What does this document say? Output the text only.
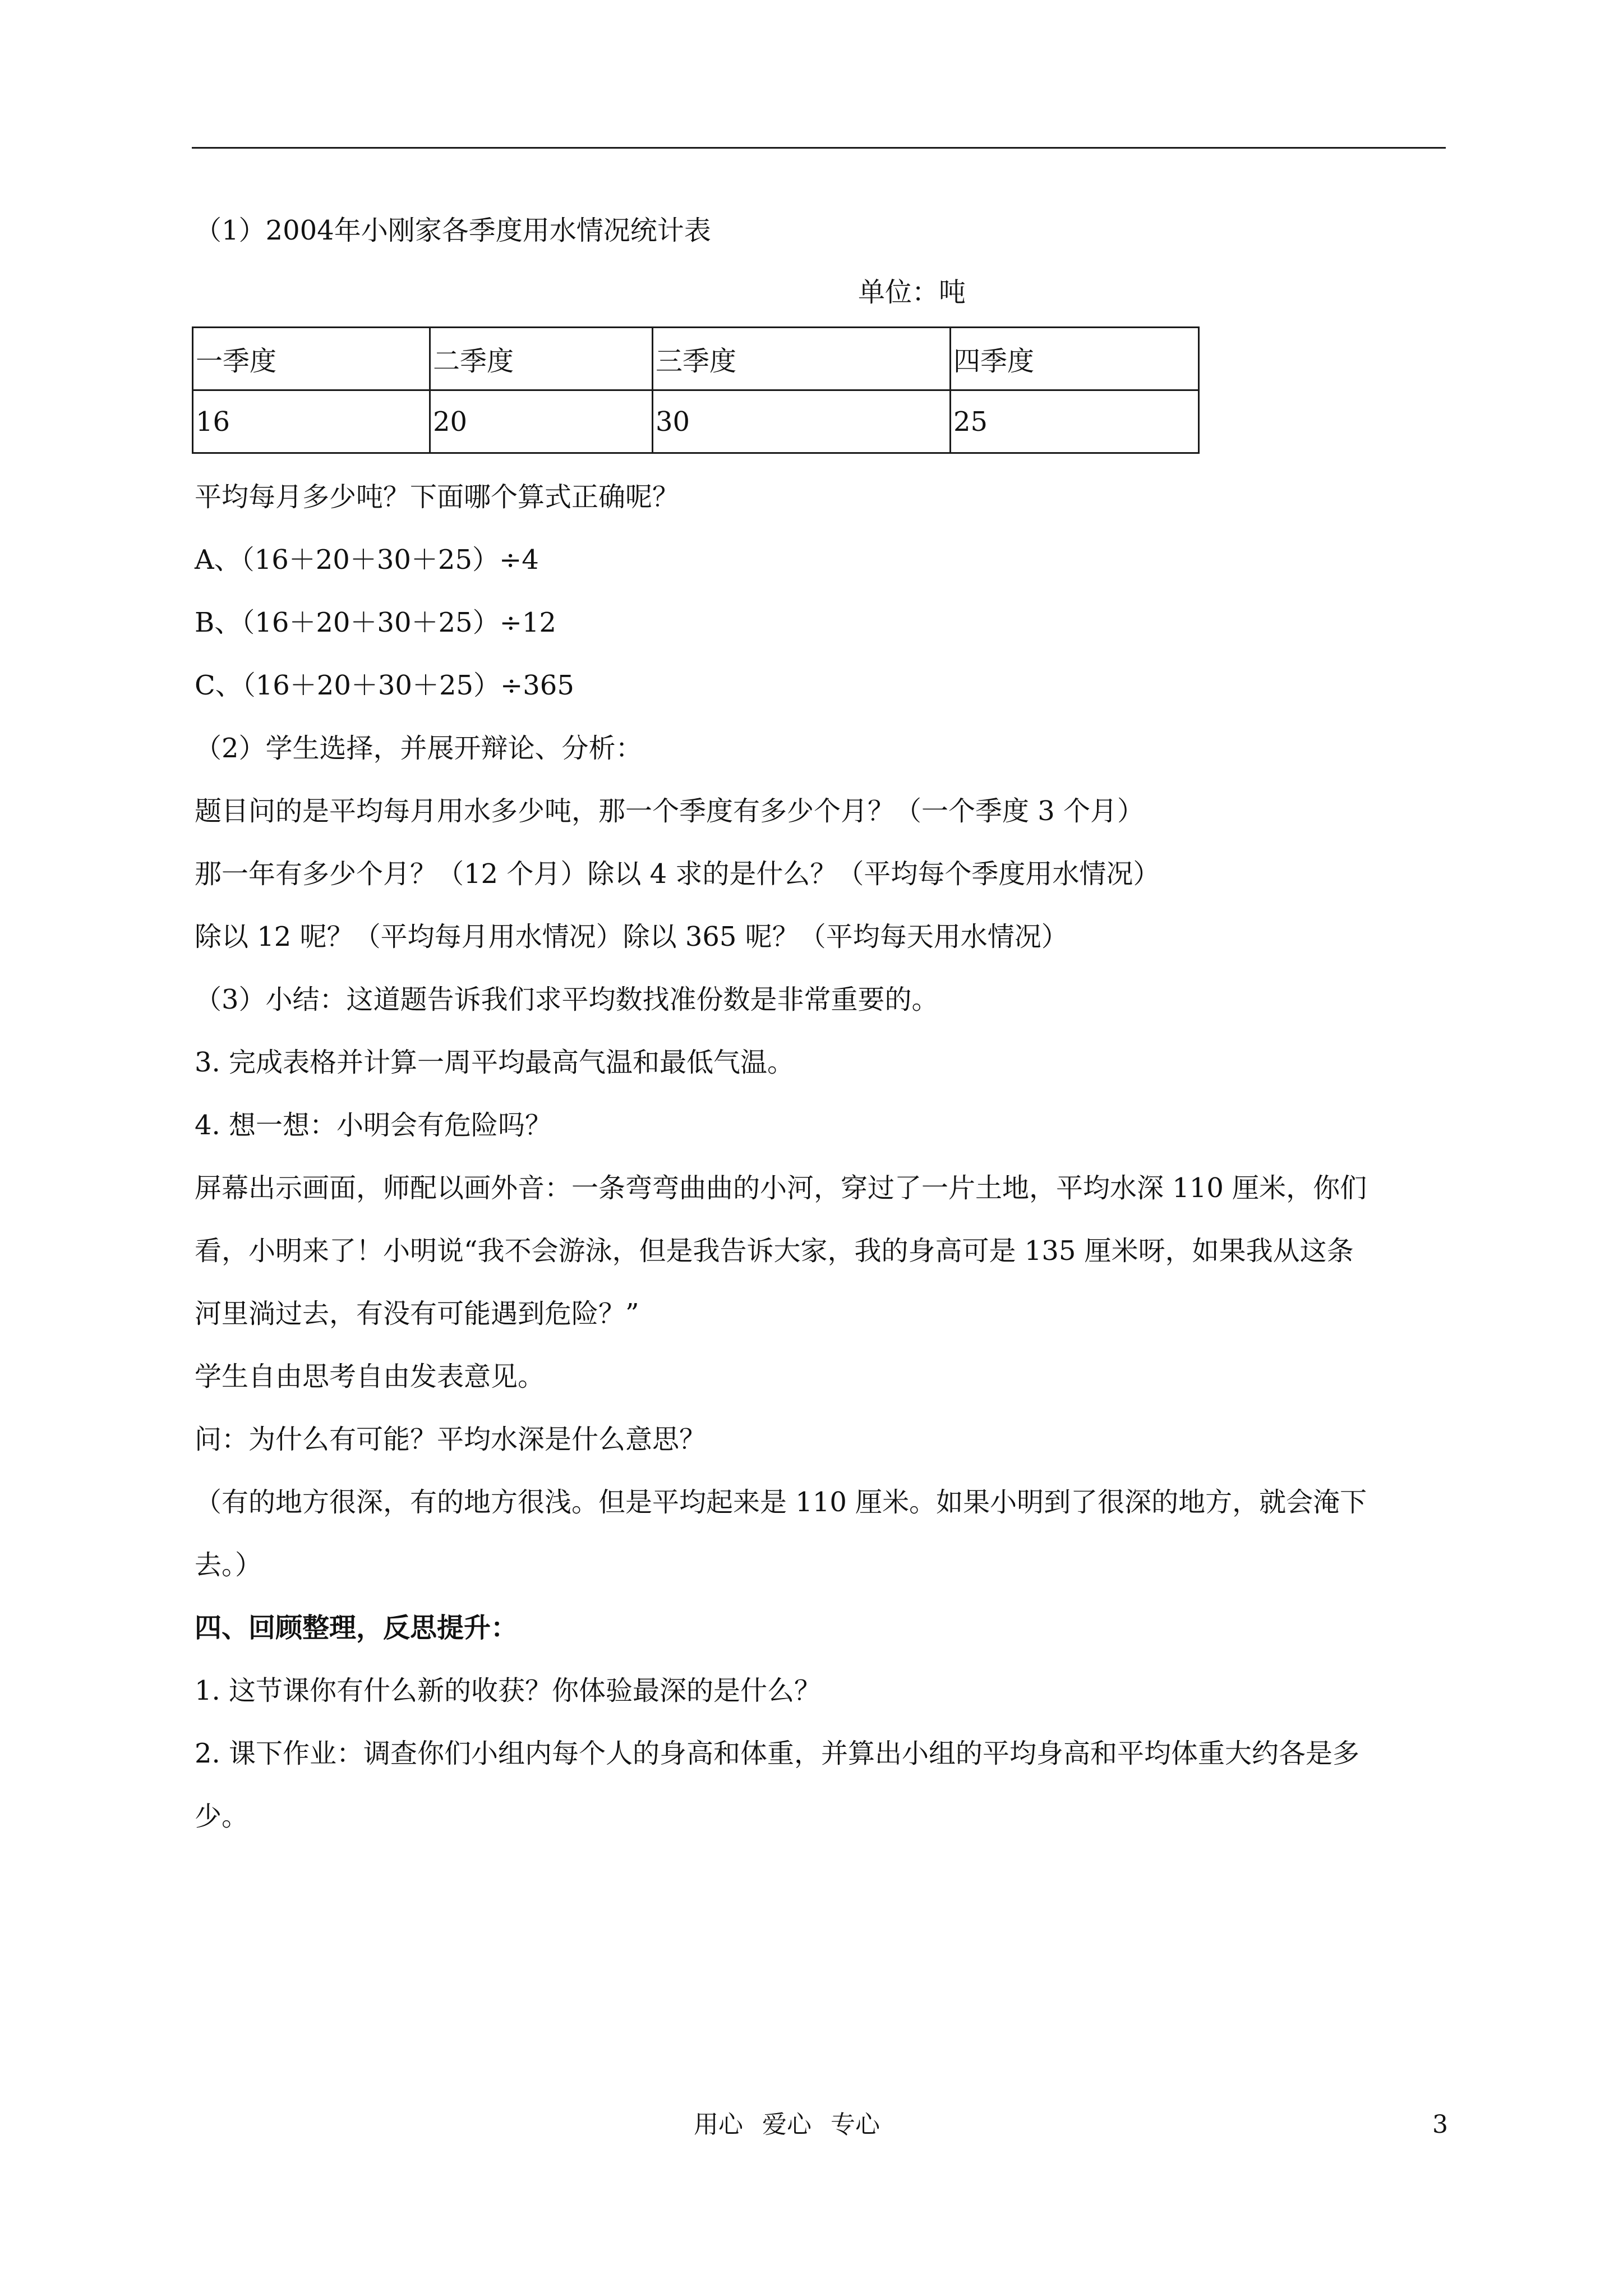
（1）2004年小刚家各季度用水情况统计表
单位：吨
一季度	二季度	三季度	四季度
16	20	30	25
平均每月多少吨？下面哪个算式正确呢？
A、（16＋20＋30＋25）÷4
B、（16＋20＋30＋25）÷12
C、（16＋20＋30＋25）÷365
（2）学生选择，并展开辩论、分析：
题目问的是平均每月用水多少吨，那一个季度有多少个月？（一个季度 3 个月）
那一年有多少个月？（12 个月）除以 4 求的是什么？（平均每个季度用水情况）
除以 12 呢？（平均每月用水情况）除以 365 呢？（平均每天用水情况）
（3）小结：这道题告诉我们求平均数找准份数是非常重要的。
3. 完成表格并计算一周平均最高气温和最低气温。
4. 想一想：小明会有危险吗？
屏幕出示画面，师配以画外音：一条弯弯曲曲的小河，穿过了一片土地，平均水深 110 厘米，你们
看，小明来了！小明说“我不会游泳，但是我告诉大家，我的身高可是 135 厘米呀，如果我从这条
河里淌过去，有没有可能遇到危险？”
学生自由思考自由发表意见。
问：为什么有可能？平均水深是什么意思？
（有的地方很深，有的地方很浅。但是平均起来是 110 厘米。如果小明到了很深的地方，就会淹下
去。）
四、回顾整理，反思提升：
1. 这节课你有什么新的收获？你体验最深的是什么？
2. 课下作业：调查你们小组内每个人的身高和体重，并算出小组的平均身高和平均体重大约各是多
少。
用心 爱心 专心	3
